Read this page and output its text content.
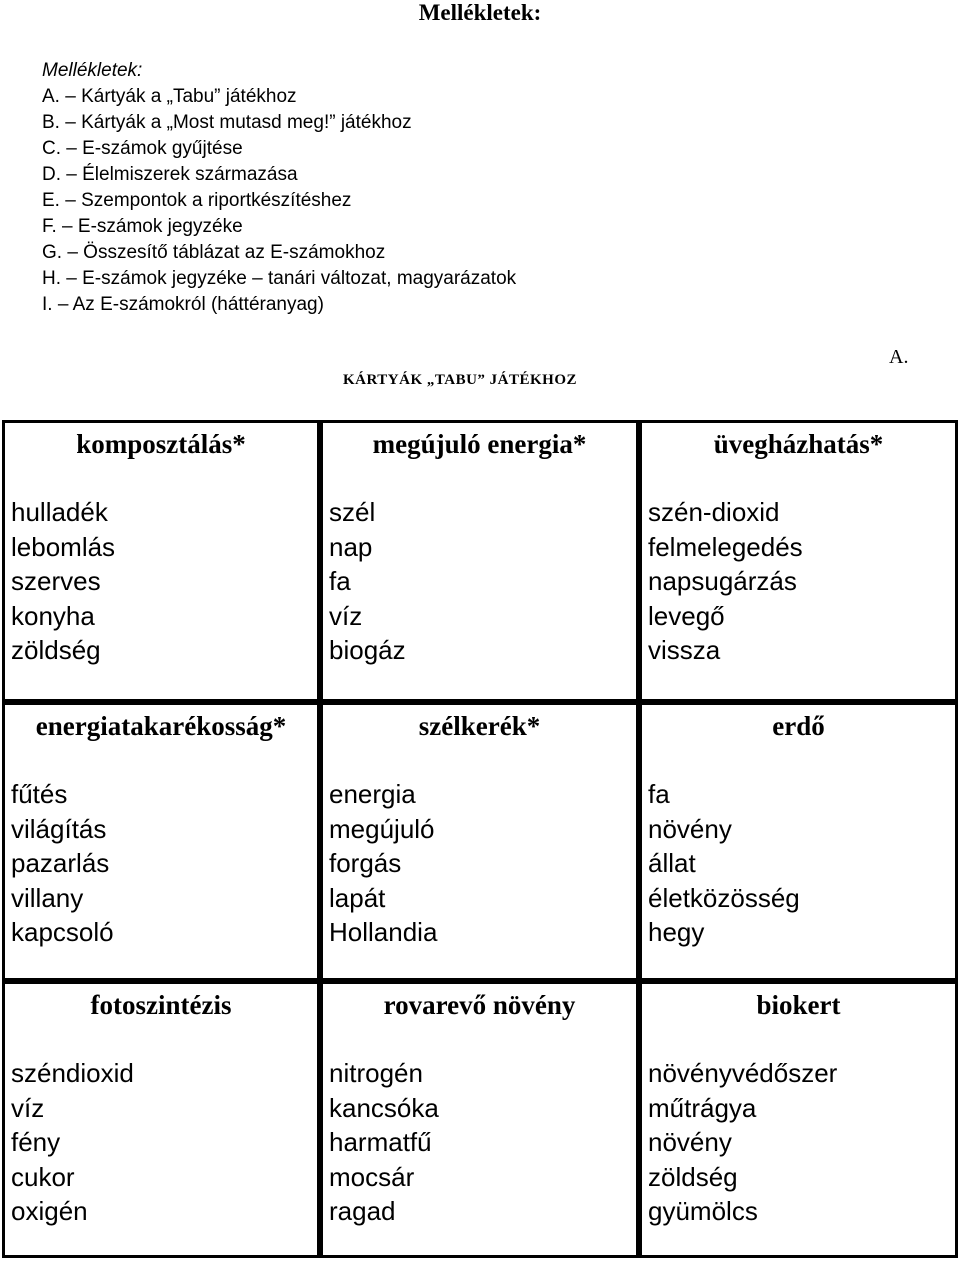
Mellékletek:
Mellékletek:
A. – Kártyák a „Tabu” játékhoz
B. – Kártyák a „Most mutasd meg!” játékhoz
C. – E-számok gyűjtése
D. – Élelmiszerek származása
E. – Szempontok a riportkészítéshez
F. – E-számok jegyzéke
G. – Összesítő táblázat az E-számokhoz
H. – E-számok jegyzéke – tanári változat, magyarázatok
I. – Az E-számokról (háttéranyag)
A.
KÁRTYÁK „TABU” JÁTÉKHOZ
komposztálás*
hulladék
lebomlás
szerves
konyha
zöldség
megújuló energia*
szél
nap
fa
víz
biogáz
üvegházhatás*
szén-dioxid
felmelegedés
napsugárzás
levegő
vissza
energiatakarékosság*
fűtés
világítás
pazarlás
villany
kapcsoló
szélkerék*
energia
megújuló
forgás
lapát
Hollandia
erdő
fa
növény
állat
életközösség
hegy
fotoszintézis
széndioxid
víz
fény
cukor
oxigén
rovarevő növény
nitrogén
kancsóka
harmatfű
mocsár
ragad
biokert
növényvédőszer
műtrágya
növény
zöldség
gyümölcs
